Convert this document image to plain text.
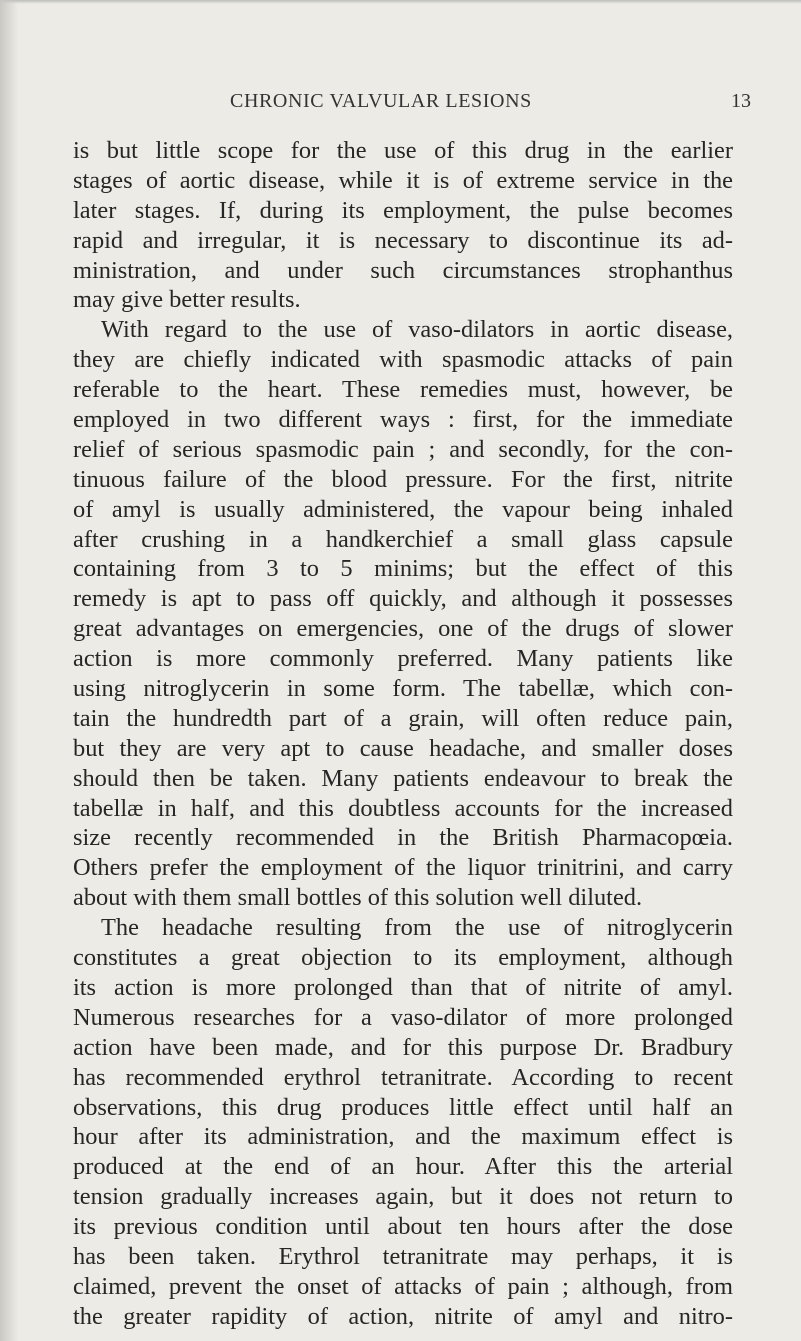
CHRONIC VALVULAR LESIONS	13
is but little scope for the use of this drug in the earlier
stages of aortic disease, while it is of extreme service in the
later stages. If, during its employment, the pulse becomes
rapid and irregular, it is necessary to discontinue its ad-
ministration, and under such circumstances strophanthus
may give better results.
With regard to the use of vaso-dilators in aortic disease,
they are chiefly indicated with spasmodic attacks of pain
referable to the heart. These remedies must, however, be
employed in two different ways : first, for the immediate
relief of serious spasmodic pain ; and secondly, for the con-
tinuous failure of the blood pressure. For the first, nitrite
of amyl is usually administered, the vapour being inhaled
after crushing in a handkerchief a small glass capsule
containing from 3 to 5 minims; but the effect of this
remedy is apt to pass off quickly, and although it possesses
great advantages on emergencies, one of the drugs of slower
action is more commonly preferred. Many patients like
using nitroglycerin in some form. The tabellæ, which con-
tain the hundredth part of a grain, will often reduce pain,
but they are very apt to cause headache, and smaller doses
should then be taken. Many patients endeavour to break the
tabellæ in half, and this doubtless accounts for the increased
size recently recommended in the British Pharmacopœia.
Others prefer the employment of the liquor trinitrini, and carry
about with them small bottles of this solution well diluted.
The headache resulting from the use of nitroglycerin
constitutes a great objection to its employment, although
its action is more prolonged than that of nitrite of amyl.
Numerous researches for a vaso-dilator of more prolonged
action have been made, and for this purpose Dr. Bradbury
has recommended erythrol tetranitrate. According to recent
observations, this drug produces little effect until half an
hour after its administration, and the maximum effect is
produced at the end of an hour. After this the arterial
tension gradually increases again, but it does not return to
its previous condition until about ten hours after the dose
has been taken. Erythrol tetranitrate may perhaps, it is
claimed, prevent the onset of attacks of pain ; although, from
the greater rapidity of action, nitrite of amyl and nitro-
